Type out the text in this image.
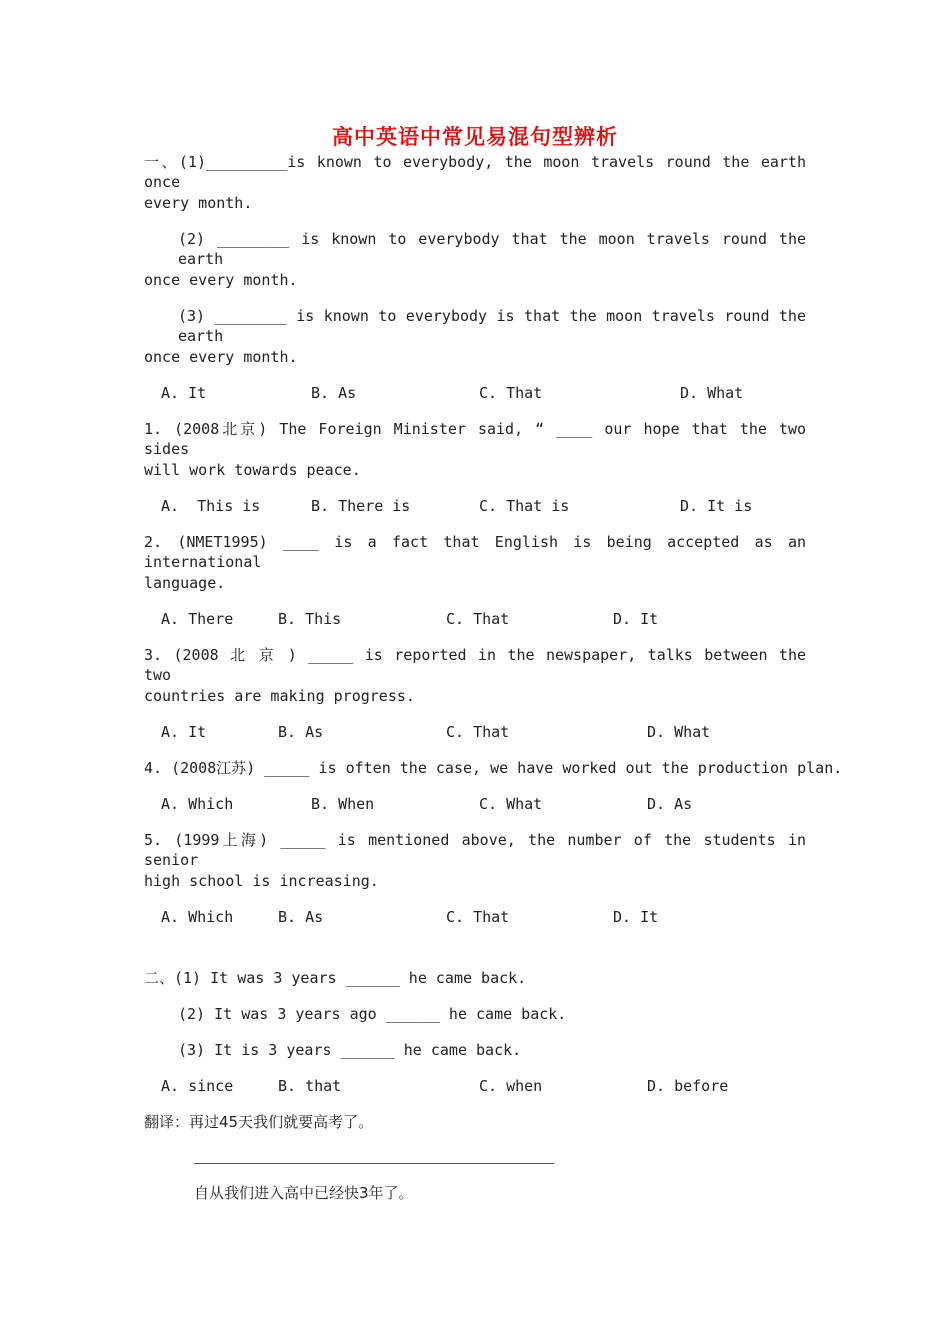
高中英语中常见易混句型辨析
一、(1)_________is known to everybody, the moon travels round the earth once
every month.
(2) ________ is known to everybody that the moon travels round the earth
once every month.
(3) ________ is known to everybody is that the moon travels round the earth
once every month.
A. It	B. As	C. That	D. What
1. (2008北京) The Foreign Minister said, “ ____ our hope that the two sides
will work towards peace.
A.  This is	B. There is	C. That is	D. It is
2. (NMET1995) ____ is a fact that English is being accepted as an international
language.
A. There	B. This	C. That	D. It
3. (2008 北 京 ) _____ is reported in the newspaper, talks between the two
countries are making progress.
A. It	B. As	C. That	D. What
4. (2008江苏) _____ is often the case, we have worked out the production plan.
A. Which	B. When	C. What	D. As
5. (1999上海) _____ is mentioned above, the number of the students in senior
high school is increasing.
A. Which	B. As	C. That	D. It
二、(1) It was 3 years ______ he came back.
(2) It was 3 years ago ______ he came back.
(3) It is 3 years ______ he came back.
A. since	B. that	C. when	D. before
翻译：再过45天我们就要高考了。
自从我们进入高中已经快3年了。
